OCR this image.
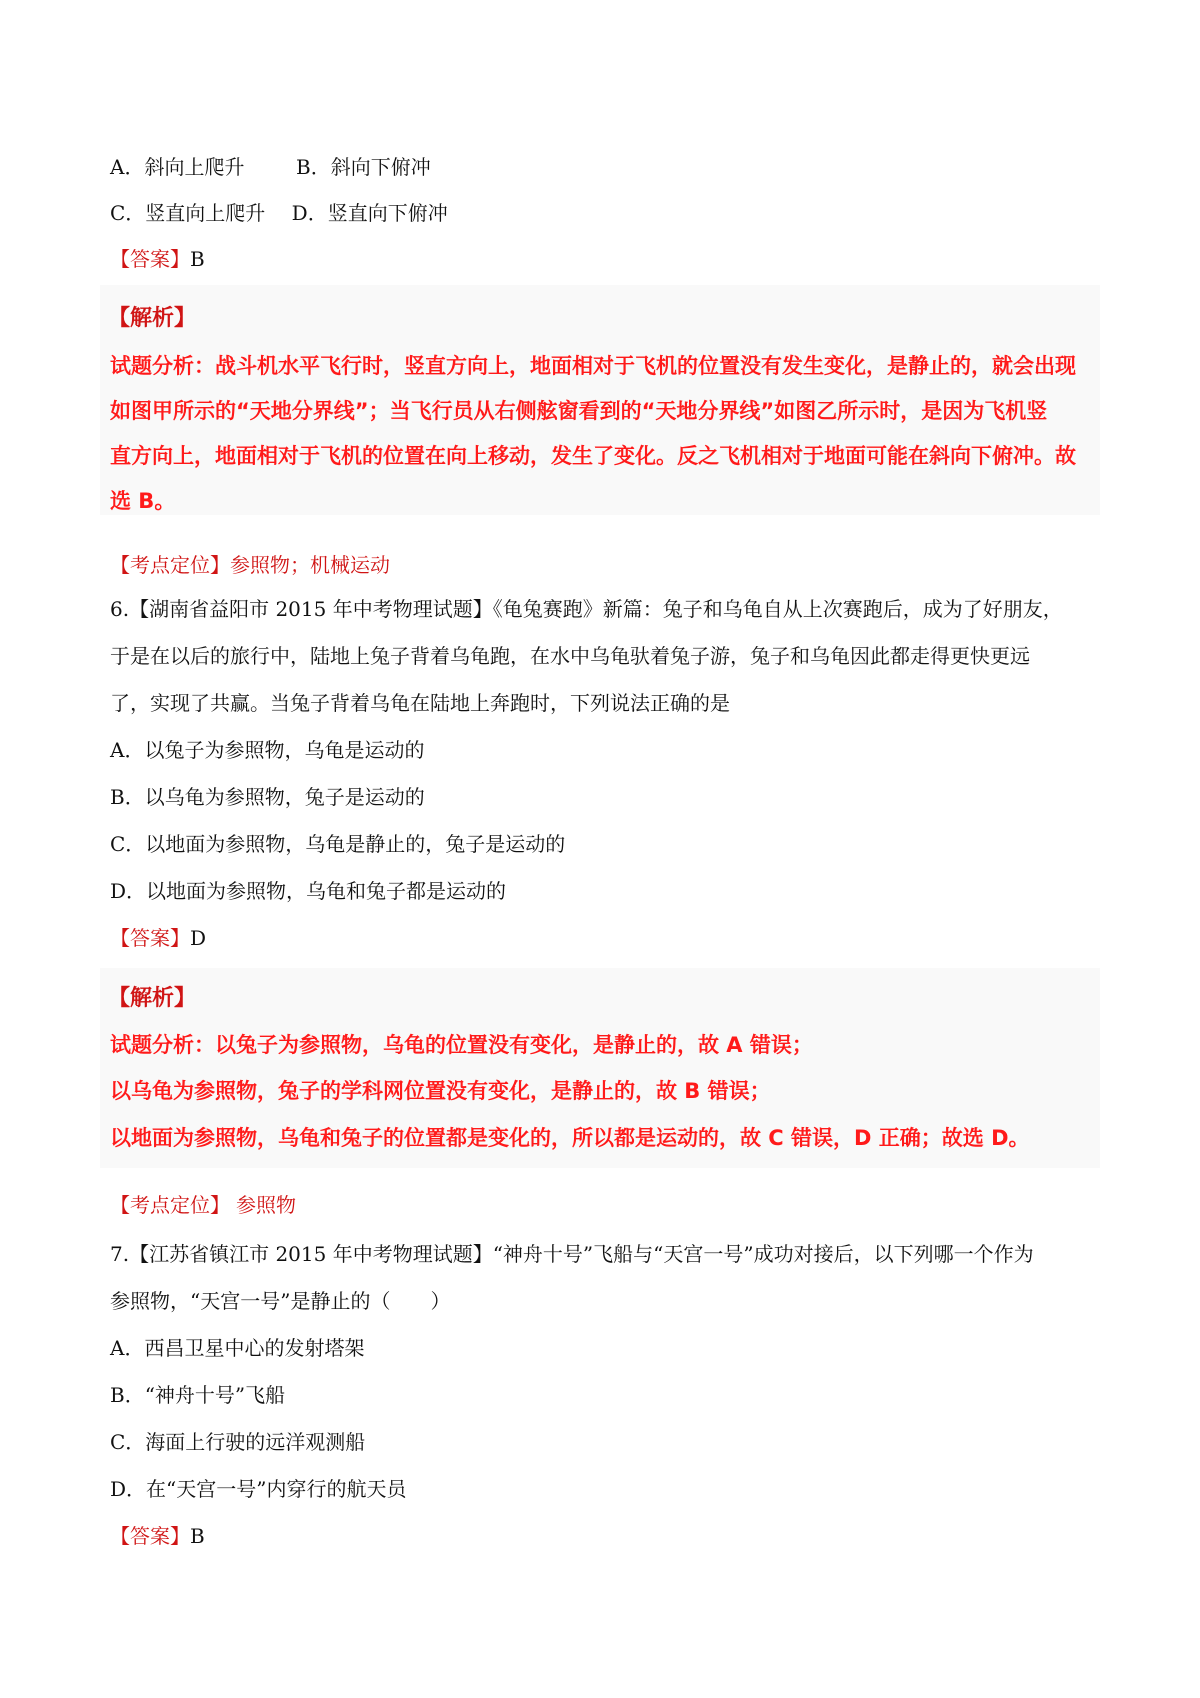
A．斜向上爬升	B．斜向下俯冲
C．竖直向上爬升 D．竖直向下俯冲
【答案】B
【解析】
试题分析：战斗机水平飞行时，竖直方向上，地面相对于飞机的位置没有发生变化，是静止的，就会出现
如图甲所示的“天地分界线”；当飞行员从右侧舷窗看到的“天地分界线”如图乙所示时，是因为飞机竖
直方向上，地面相对于飞机的位置在向上移动，发生了变化。反之飞机相对于地面可能在斜向下俯冲。故
选 B。
【考点定位】参照物；机械运动
6.【湖南省益阳市 2015 年中考物理试题】《龟兔赛跑》新篇：兔子和乌龟自从上次赛跑后，成为了好朋友，
于是在以后的旅行中，陆地上兔子背着乌龟跑，在水中乌龟驮着兔子游，兔子和乌龟因此都走得更快更远
了，实现了共赢。当兔子背着乌龟在陆地上奔跑时，下列说法正确的是
A．以兔子为参照物，乌龟是运动的
B．以乌龟为参照物，兔子是运动的
C．以地面为参照物，乌龟是静止的，兔子是运动的
D．以地面为参照物，乌龟和兔子都是运动的
【答案】D
【解析】
试题分析：以兔子为参照物，乌龟的位置没有变化，是静止的，故 A 错误；
以乌龟为参照物，兔子的学科网位置没有变化，是静止的，故 B 错误；
以地面为参照物，乌龟和兔子的位置都是变化的，所以都是运动的，故 C 错误，D 正确；故选 D。
【考点定位】 参照物
7.【江苏省镇江市 2015 年中考物理试题】“神舟十号”飞船与“天宫一号”成功对接后，以下列哪一个作为
参照物，“天宫一号”是静止的（　　）
A．西昌卫星中心的发射塔架
B．“神舟十号”飞船
C．海面上行驶的远洋观测船
D．在“天宫一号”内穿行的航天员
【答案】B
